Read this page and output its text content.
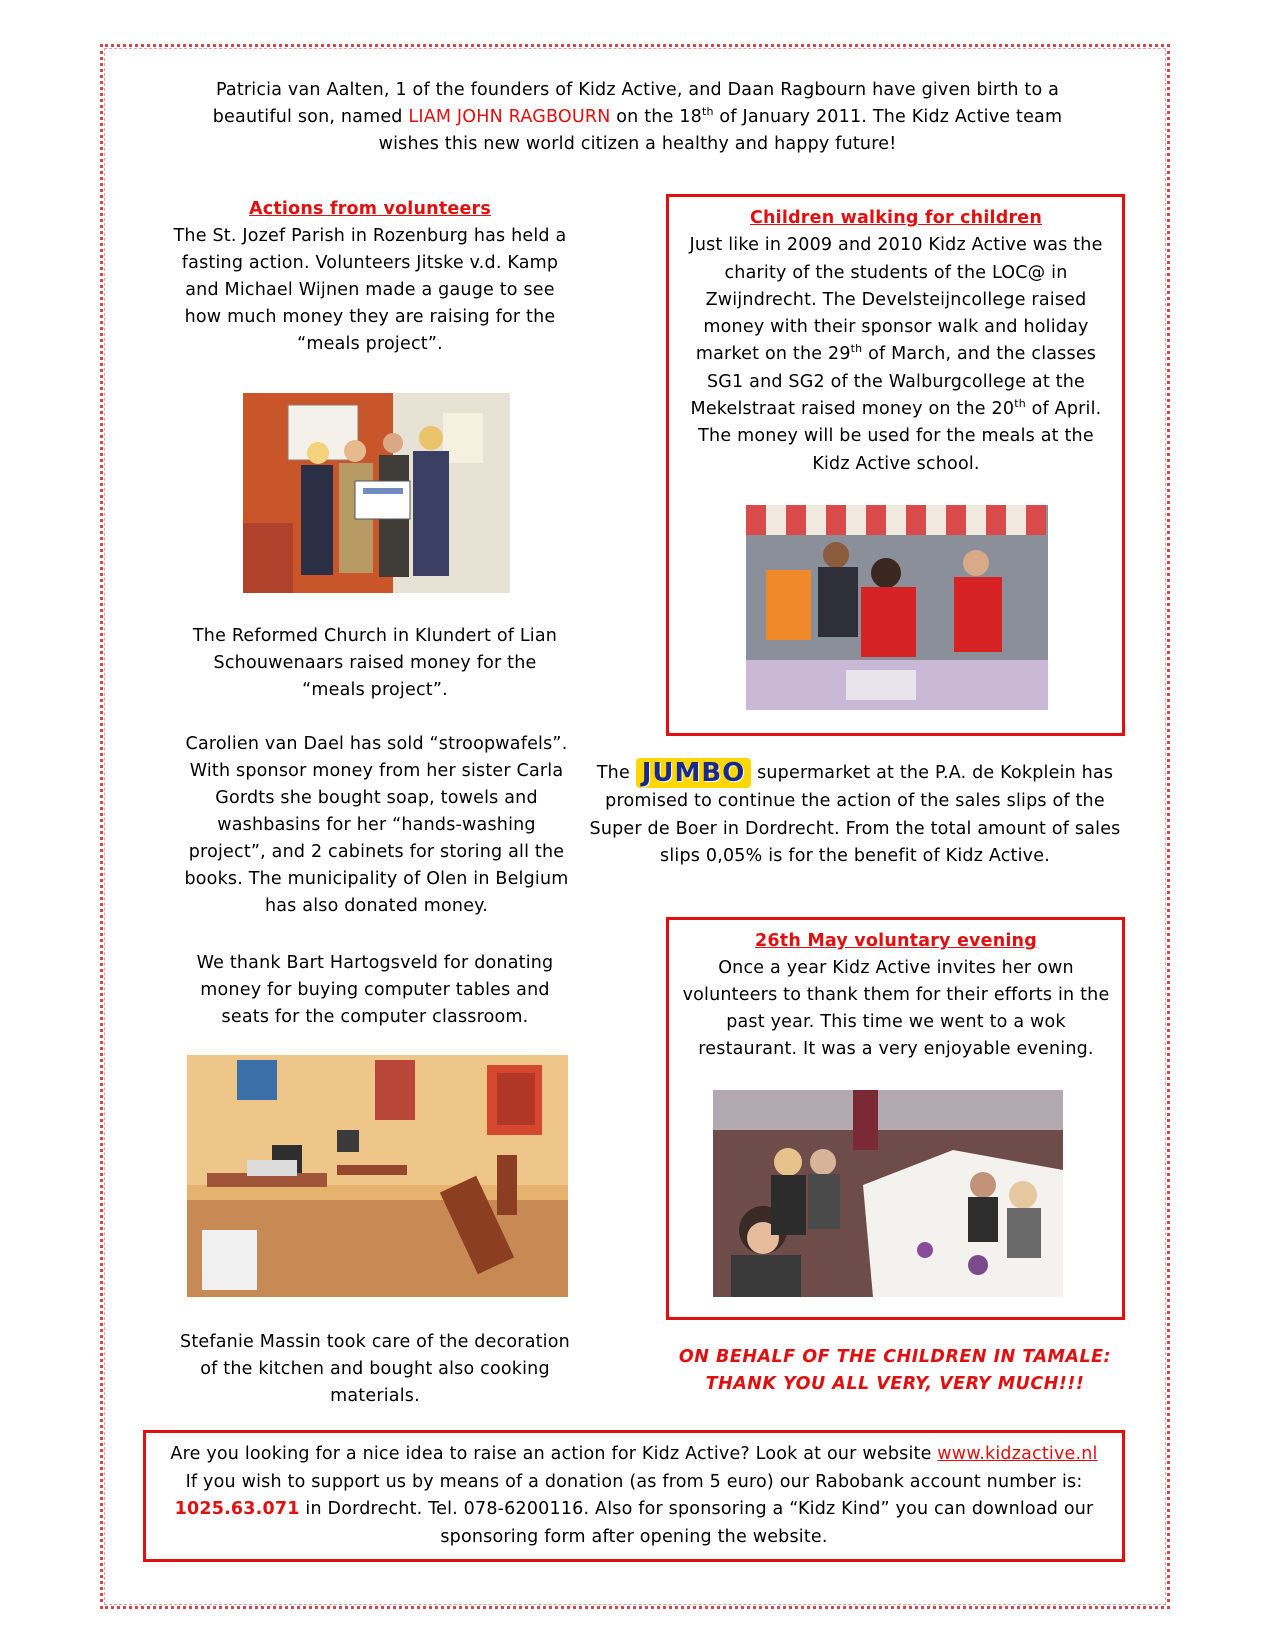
Patricia van Aalten, 1 of the founders of Kidz Active, and Daan Ragbourn have given birth to a
beautiful son, named LIAM JOHN RAGBOURN on the 18th of January 2011. The Kidz Active team
wishes this new world citizen a healthy and happy future!
Actions from volunteers
The St. Jozef Parish in Rozenburg has held a fasting action. Volunteers Jitske v.d. Kamp and Michael Wijnen made a gauge to see how much money they are raising for the “meals project”.
The Reformed Church in Klundert of Lian Schouwenaars raised money for the “meals project”.
Carolien van Dael has sold “stroopwafels”. With sponsor money from her sister Carla Gordts she bought soap, towels and washbasins for her “hands-washing project”, and 2 cabinets for storing all the books. The municipality of Olen in Belgium has also donated money.
We thank Bart Hartogsveld for donating money for buying computer tables and seats for the computer classroom.
Stefanie Massin took care of the decoration of the kitchen and bought also cooking materials.
Children walking for children
Just like in 2009 and 2010 Kidz Active was the charity of the students of the LOC@ in Zwijndrecht. The Develsteijncollege raised money with their sponsor walk and holiday market on the 29th of March, and the classes SG1 and SG2 of the Walburgcollege at the Mekelstraat raised money on the 20th of April. The money will be used for the meals at the Kidz Active school.
The JUMBO supermarket at the P.A. de Kokplein has promised to continue the action of the sales slips of the Super de Boer in Dordrecht. From the total amount of sales slips 0,05% is for the benefit of Kidz Active.
26th May voluntary evening
Once a year Kidz Active invites her own volunteers to thank them for their efforts in the past year. This time we went to a wok restaurant. It was a very enjoyable evening.
ON BEHALF OF THE CHILDREN IN TAMALE: THANK YOU ALL VERY, VERY MUCH!!!
Are you looking for a nice idea to raise an action for Kidz Active? Look at our website www.kidzactive.nl
If you wish to support us by means of a donation (as from 5 euro) our Rabobank account number is:
1025.63.071 in Dordrecht. Tel. 078-6200116. Also for sponsoring a “Kidz Kind” you can download our sponsoring form after opening the website.
